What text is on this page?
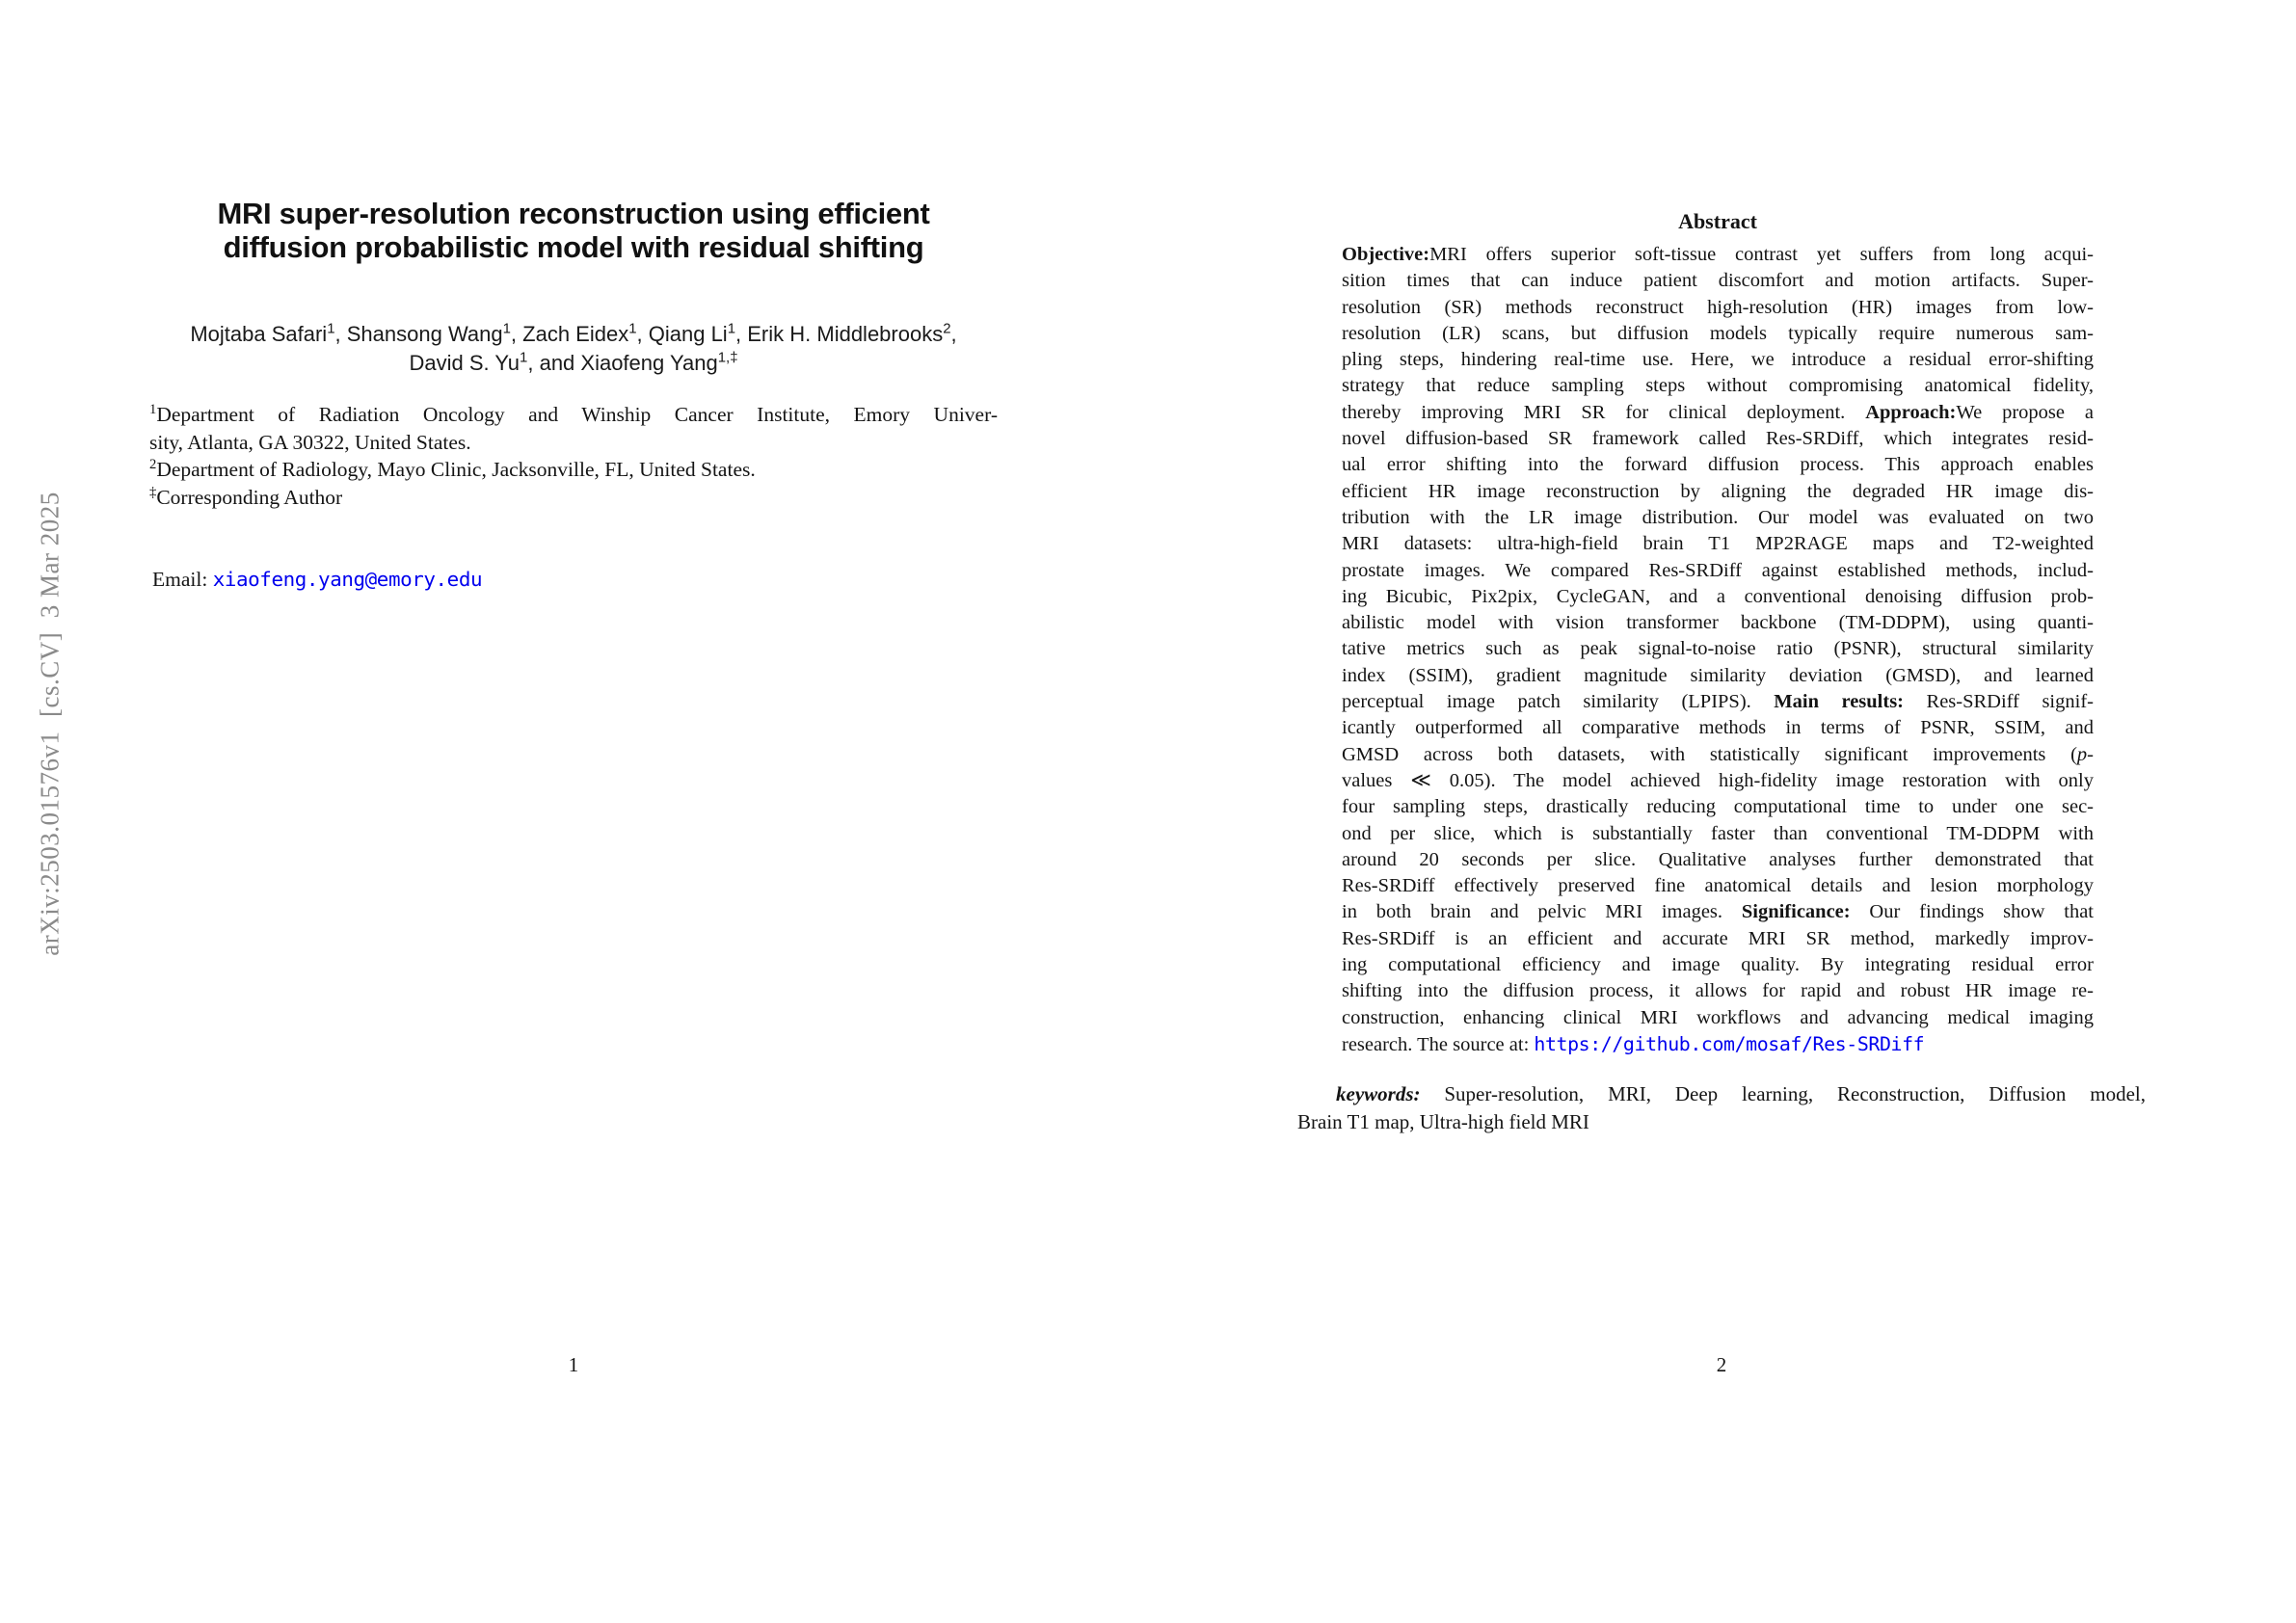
arXiv:2503.01576v1  [cs.CV]  3 Mar 2025
MRI super-resolution reconstruction using efficient
diffusion probabilistic model with residual shifting
Mojtaba Safari$^1$, Shansong Wang$^1$, Zach Eidex$^1$, Qiang Li$^1$, Erik H. Middlebrooks$^2$,
David S. Yu$^1$, and Xiaofeng Yang$^{1,\ddagger}$
$^1$Department of Radiation Oncology and Winship Cancer Institute, Emory Univer-
sity, Atlanta, GA 30322, United States.
$^2$Department of Radiology, Mayo Clinic, Jacksonville, FL, United States.
‡Corresponding Author
Email: xiaofeng.yang@emory.edu
1
Abstract
Objective:MRI offers superior soft-tissue contrast yet suffers from long acqui-
sition times that can induce patient discomfort and motion artifacts. Super-
resolution (SR) methods reconstruct high-resolution (HR) images from low-
resolution (LR) scans, but diffusion models typically require numerous sam-
pling steps, hindering real-time use. Here, we introduce a residual error-shifting
strategy that reduce sampling steps without compromising anatomical fidelity,
thereby improving MRI SR for clinical deployment. Approach:We propose a
novel diffusion-based SR framework called Res-SRDiff, which integrates resid-
ual error shifting into the forward diffusion process. This approach enables
efficient HR image reconstruction by aligning the degraded HR image dis-
tribution with the LR image distribution. Our model was evaluated on two
MRI datasets: ultra-high-field brain T1 MP2RAGE maps and T2-weighted
prostate images. We compared Res-SRDiff against established methods, includ-
ing Bicubic, Pix2pix, CycleGAN, and a conventional denoising diffusion prob-
abilistic model with vision transformer backbone (TM-DDPM), using quanti-
tative metrics such as peak signal-to-noise ratio (PSNR), structural similarity
index (SSIM), gradient magnitude similarity deviation (GMSD), and learned
perceptual image patch similarity (LPIPS). Main results: Res-SRDiff signif-
icantly outperformed all comparative methods in terms of PSNR, SSIM, and
GMSD across both datasets, with statistically significant improvements (p-
values ≪ 0.05). The model achieved high-fidelity image restoration with only
four sampling steps, drastically reducing computational time to under one sec-
ond per slice, which is substantially faster than conventional TM-DDPM with
around 20 seconds per slice. Qualitative analyses further demonstrated that
Res-SRDiff effectively preserved fine anatomical details and lesion morphology
in both brain and pelvic MRI images. Significance: Our findings show that
Res-SRDiff is an efficient and accurate MRI SR method, markedly improv-
ing computational efficiency and image quality. By integrating residual error
shifting into the diffusion process, it allows for rapid and robust HR image re-
construction, enhancing clinical MRI workflows and advancing medical imaging
research. The source at: https://github.com/mosaf/Res-SRDiff
keywords: Super-resolution, MRI, Deep learning, Reconstruction, Diffusion model,
Brain T1 map, Ultra-high field MRI
2
